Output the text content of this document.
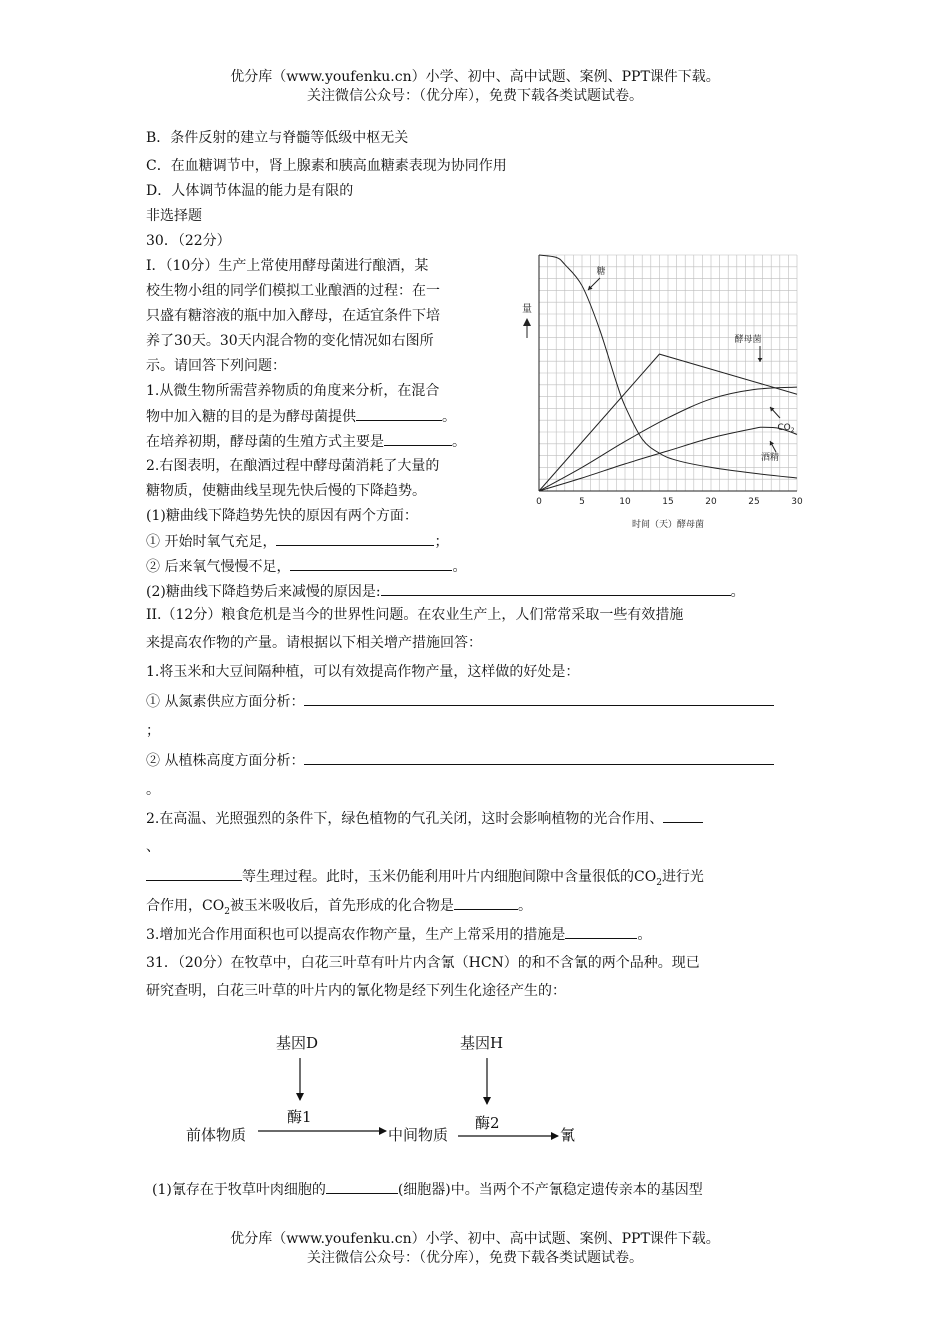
优分库（www.youfenku.cn）小学、初中、高中试题、案例、PPT课件下载。
关注微信公众号：（优分库），免费下载各类试题试卷。
B．条件反射的建立与脊髓等低级中枢无关
C．在血糖调节中，肾上腺素和胰高血糖素表现为协同作用
D．人体调节体温的能力是有限的
非选择题
30．（22分）
I．（10分）生产上常使用酵母菌进行酿酒，某
校生物小组的同学们模拟工业酿酒的过程：在一
只盛有糖溶液的瓶中加入酵母，在适宜条件下培
养了30天。30天内混合物的变化情况如右图所
示。请回答下列问题：
1.从微生物所需营养物质的角度来分析，在混合
物中加入糖的目的是为酵母菌提供	。
在培养初期，酵母菌的生殖方式主要是	。
2.右图表明，在酿酒过程中酵母菌消耗了大量的
糖物质，使糖曲线呈现先快后慢的下降趋势。
(1)糖曲线下降趋势先快的原因有两个方面：
① 开始时氧气充足，	；
② 后来氧气慢慢不足，	。
(2)糖曲线下降趋势后来减慢的原因是:	。
0	5	10	15	20	25	30
时间（天）酵母菌
量
糖
酵母菌
$CO_2$
酒精
II.（12分）粮食危机是当今的世界性问题。在农业生产上，人们常常采取一些有效措施
来提高农作物的产量。请根据以下相关增产措施回答：
1.将玉米和大豆间隔种植，可以有效提高作物产量，这样做的好处是：
① 从氮素供应方面分析：
；
② 从植株高度方面分析：
。
2.在高温、光照强烈的条件下，绿色植物的气孔关闭，这时会影响植物的光合作用、
、
等生理过程。此时，玉米仍能利用叶片内细胞间隙中含量很低的$CO_2$进行光
合作用，$CO_2$被玉米吸收后，首先形成的化合物是	。
3.增加光合作用面积也可以提高农作物产量，生产上常采用的措施是	。
31．（20分）在牧草中，白花三叶草有叶片内含氰（HCN）的和不含氰的两个品种。现已
研究查明，白花三叶草的叶片内的氰化物是经下列生化途径产生的：
基因D	基因H
酶1	酶2
前体物质	中间物质	氰
(1)氰存在于牧草叶肉细胞的	(细胞器)中。当两个不产氰稳定遗传亲本的基因型
优分库（www.youfenku.cn）小学、初中、高中试题、案例、PPT课件下载。
关注微信公众号：（优分库），免费下载各类试题试卷。
